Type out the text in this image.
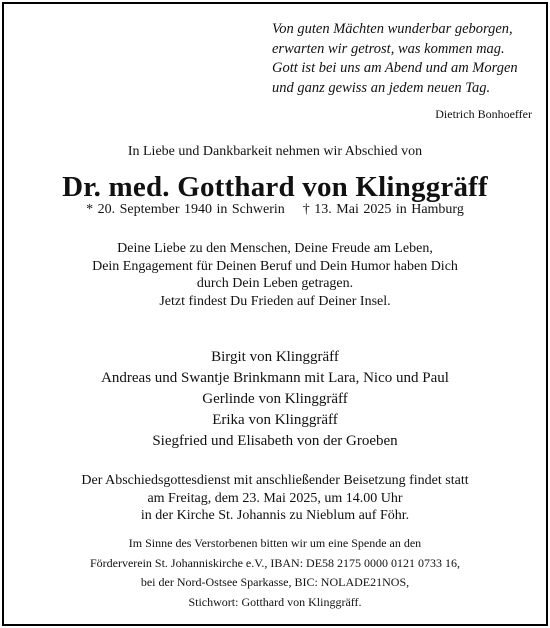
Von guten Mächten wunderbar geborgen,
erwarten wir getrost, was kommen mag.
Gott ist bei uns am Abend und am Morgen
und ganz gewiss an jedem neuen Tag.
Dietrich Bonhoeffer
In Liebe und Dankbarkeit nehmen wir Abschied von
Dr. med. Gotthard von Klinggräff
* 20. September 1940 in Schwerin † 13. Mai 2025 in Hamburg
Deine Liebe zu den Menschen, Deine Freude am Leben,
Dein Engagement für Deinen Beruf und Dein Humor haben Dich
durch Dein Leben getragen.
Jetzt findest Du Frieden auf Deiner Insel.
Birgit von Klinggräff
Andreas und Swantje Brinkmann mit Lara, Nico und Paul
Gerlinde von Klinggräff
Erika von Klinggräff
Siegfried und Elisabeth von der Groeben
Der Abschiedsgottesdienst mit anschließender Beisetzung findet statt
am Freitag, dem 23. Mai 2025, um 14.00 Uhr
in der Kirche St. Johannis zu Nieblum auf Föhr.
Im Sinne des Verstorbenen bitten wir um eine Spende an den
Förderverein St. Johanniskirche e.V., IBAN: DE58 2175 0000 0121 0733 16,
bei der Nord-Ostsee Sparkasse, BIC: NOLADE21NOS,
Stichwort: Gotthard von Klinggräff.
